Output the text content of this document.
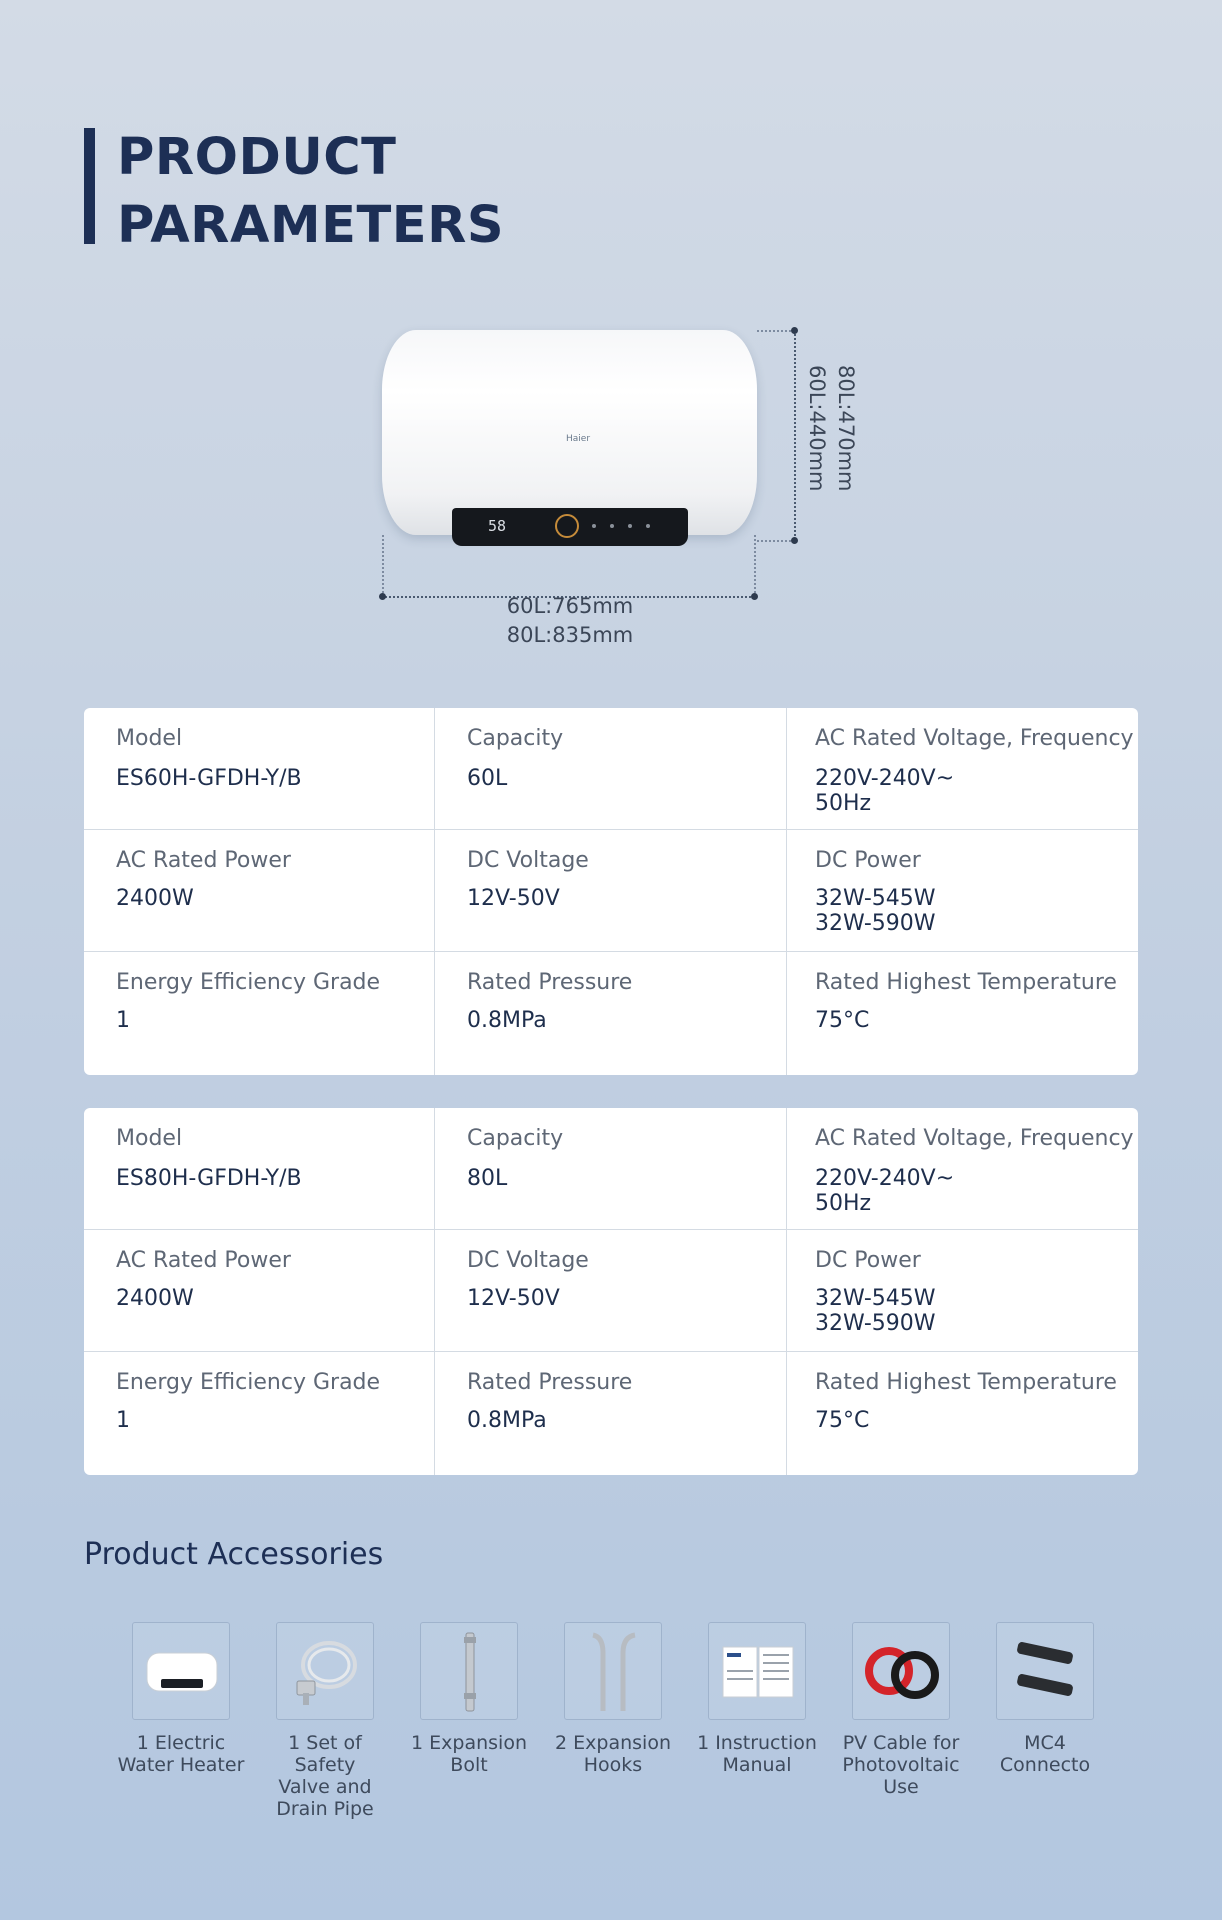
PRODUCT
PARAMETERS
Haier
58
60L:765mm
80L:835mm
80L:470mm
60L:440mm
Model
ES60H-GFDH-Y/B
Capacity
60L
AC Rated Voltage, Frequency
220V-240V~
50Hz
AC Rated Power
2400W
DC Voltage
12V-50V
DC Power
32W-545W
32W-590W
Energy Efficiency Grade
1
Rated Pressure
0.8MPa
Rated Highest Temperature
75°C
Model
ES80H-GFDH-Y/B
Capacity
80L
AC Rated Voltage, Frequency
220V-240V~
50Hz
AC Rated Power
2400W
DC Voltage
12V-50V
DC Power
32W-545W
32W-590W
Energy Efficiency Grade
1
Rated Pressure
0.8MPa
Rated Highest Temperature
75°C
Product Accessories
1 Electric
Water Heater
1 Set of Safety
Valve and
Drain Pipe
1 Expansion
Bolt
2 Expansion
Hooks
1 Instruction
Manual
PV Cable for
Photovoltaic
Use
MC4
Connecto
